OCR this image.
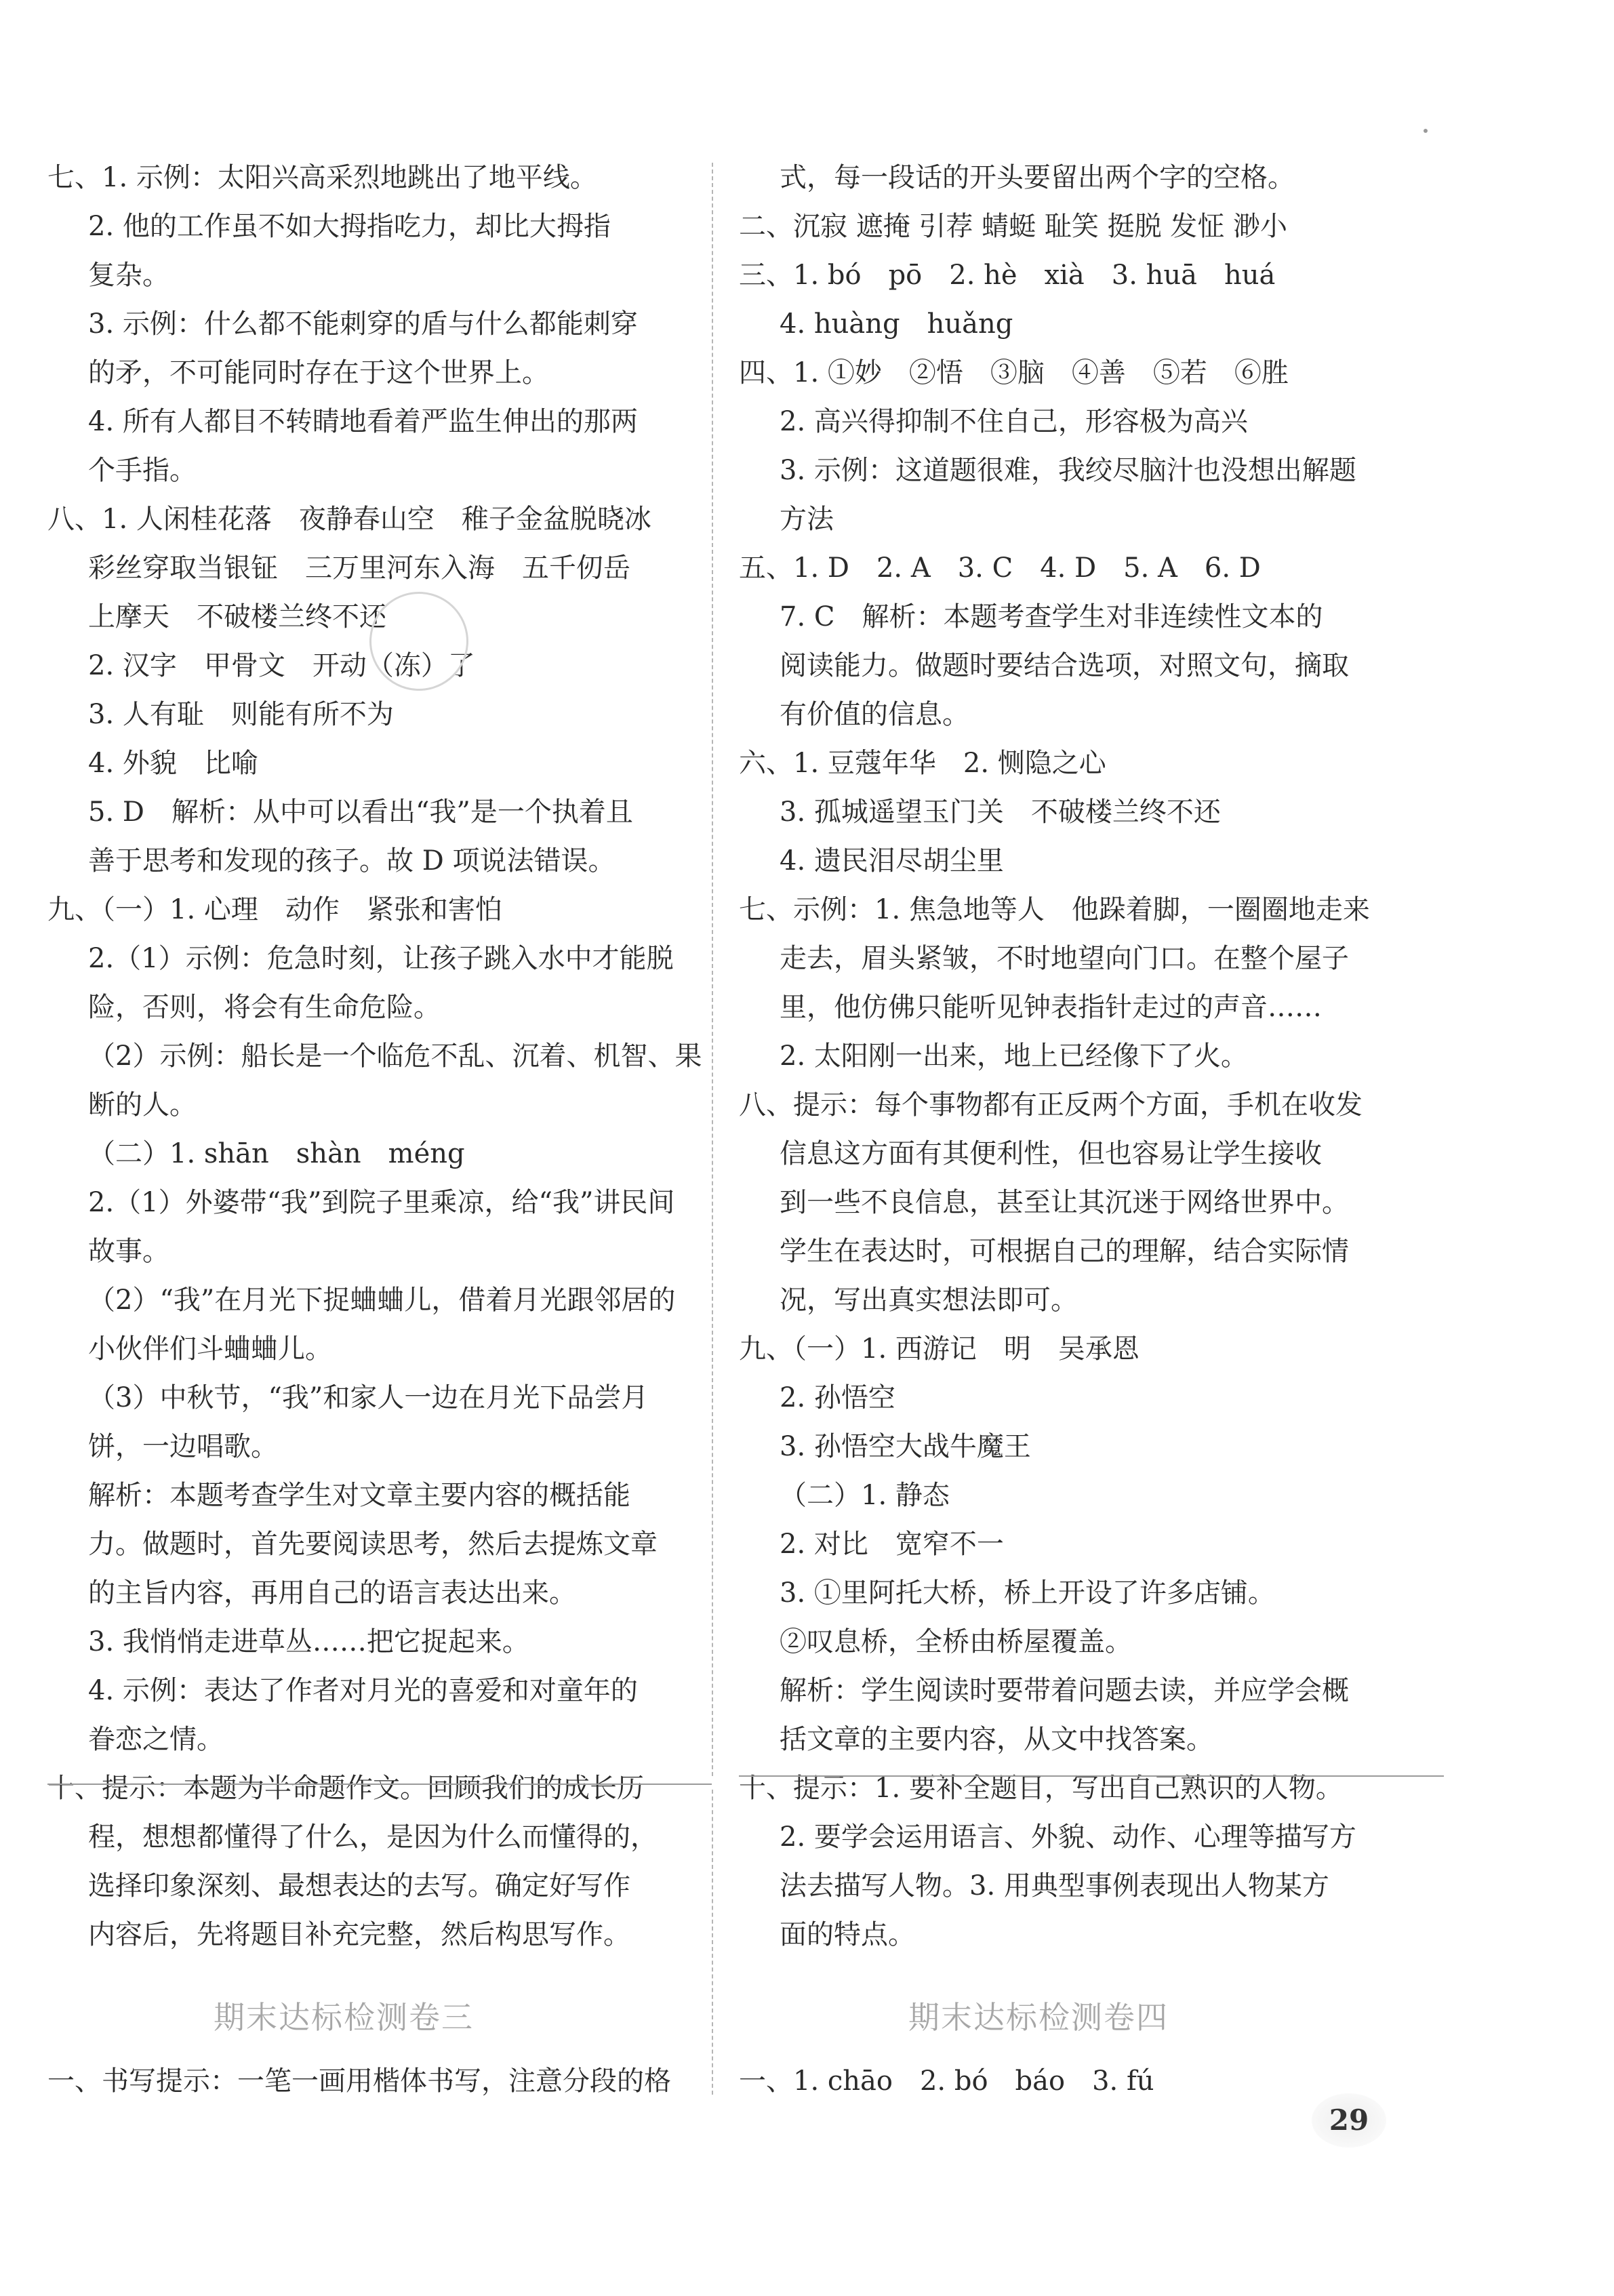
七、1. 示例：太阳兴高采烈地跳出了地平线。
2. 他的工作虽不如大拇指吃力，却比大拇指
复杂。
3. 示例：什么都不能刺穿的盾与什么都能刺穿
的矛，不可能同时存在于这个世界上。
4. 所有人都目不转睛地看着严监生伸出的那两
个手指。
八、1. 人闲桂花落　夜静春山空　稚子金盆脱晓冰
彩丝穿取当银钲　三万里河东入海　五千仞岳
上摩天　不破楼兰终不还
2. 汉字　甲骨文　开动（冻）了
3. 人有耻　则能有所不为
4. 外貌　比喻
5. D　解析：从中可以看出“我”是一个执着且
善于思考和发现的孩子。故 D 项说法错误。
九、（一）1. 心理　动作　紧张和害怕
2.（1）示例：危急时刻，让孩子跳入水中才能脱
险，否则，将会有生命危险。
（2）示例：船长是一个临危不乱、沉着、机智、果
断的人。
（二）1. shān　shàn　méng
2.（1）外婆带“我”到院子里乘凉，给“我”讲民间
故事。
（2）“我”在月光下捉蛐蛐儿，借着月光跟邻居的
小伙伴们斗蛐蛐儿。
（3）中秋节，“我”和家人一边在月光下品尝月
饼，一边唱歌。
解析：本题考查学生对文章主要内容的概括能
力。做题时，首先要阅读思考，然后去提炼文章
的主旨内容，再用自己的语言表达出来。
3. 我悄悄走进草丛……把它捉起来。
4. 示例：表达了作者对月光的喜爱和对童年的
眷恋之情。
十、提示：本题为半命题作文。回顾我们的成长历
程，想想都懂得了什么，是因为什么而懂得的，
选择印象深刻、最想表达的去写。确定好写作
内容后，先将题目补充完整，然后构思写作。
一、书写提示：一笔一画用楷体书写，注意分段的格
式，每一段话的开头要留出两个字的空格。
二、沉寂 遮掩 引荐 蜻蜓 耻笑 挺脱 发怔 渺小
三、1. bó　pō　2. hè　xià　3. huā　huá
4. huàng　huǎng
四、1. ①妙　②悟　③脑　④善　⑤若　⑥胜
2. 高兴得抑制不住自己，形容极为高兴
3. 示例：这道题很难，我绞尽脑汁也没想出解题
方法
五、1. D　2. A　3. C　4. D　5. A　6. D
7. C　解析：本题考查学生对非连续性文本的
阅读能力。做题时要结合选项，对照文句，摘取
有价值的信息。
六、1. 豆蔻年华　2. 恻隐之心
3. 孤城遥望玉门关　不破楼兰终不还
4. 遗民泪尽胡尘里
七、示例：1. 焦急地等人　他跺着脚，一圈圈地走来
走去，眉头紧皱，不时地望向门口。在整个屋子
里，他仿佛只能听见钟表指针走过的声音……
2. 太阳刚一出来，地上已经像下了火。
八、提示：每个事物都有正反两个方面，手机在收发
信息这方面有其便利性，但也容易让学生接收
到一些不良信息，甚至让其沉迷于网络世界中。
学生在表达时，可根据自己的理解，结合实际情
况，写出真实想法即可。
九、（一）1. 西游记　明　吴承恩
2. 孙悟空
3. 孙悟空大战牛魔王
（二）1. 静态
2. 对比　宽窄不一
3. ①里阿托大桥，桥上开设了许多店铺。
②叹息桥，全桥由桥屋覆盖。
解析：学生阅读时要带着问题去读，并应学会概
括文章的主要内容，从文中找答案。
十、提示：1. 要补全题目，写出自己熟识的人物。
2. 要学会运用语言、外貌、动作、心理等描写方
法去描写人物。3. 用典型事例表现出人物某方
面的特点。
一、1. chāo　2. bó　báo　3. fú
期末达标检测卷三	期末达标检测卷四
29
